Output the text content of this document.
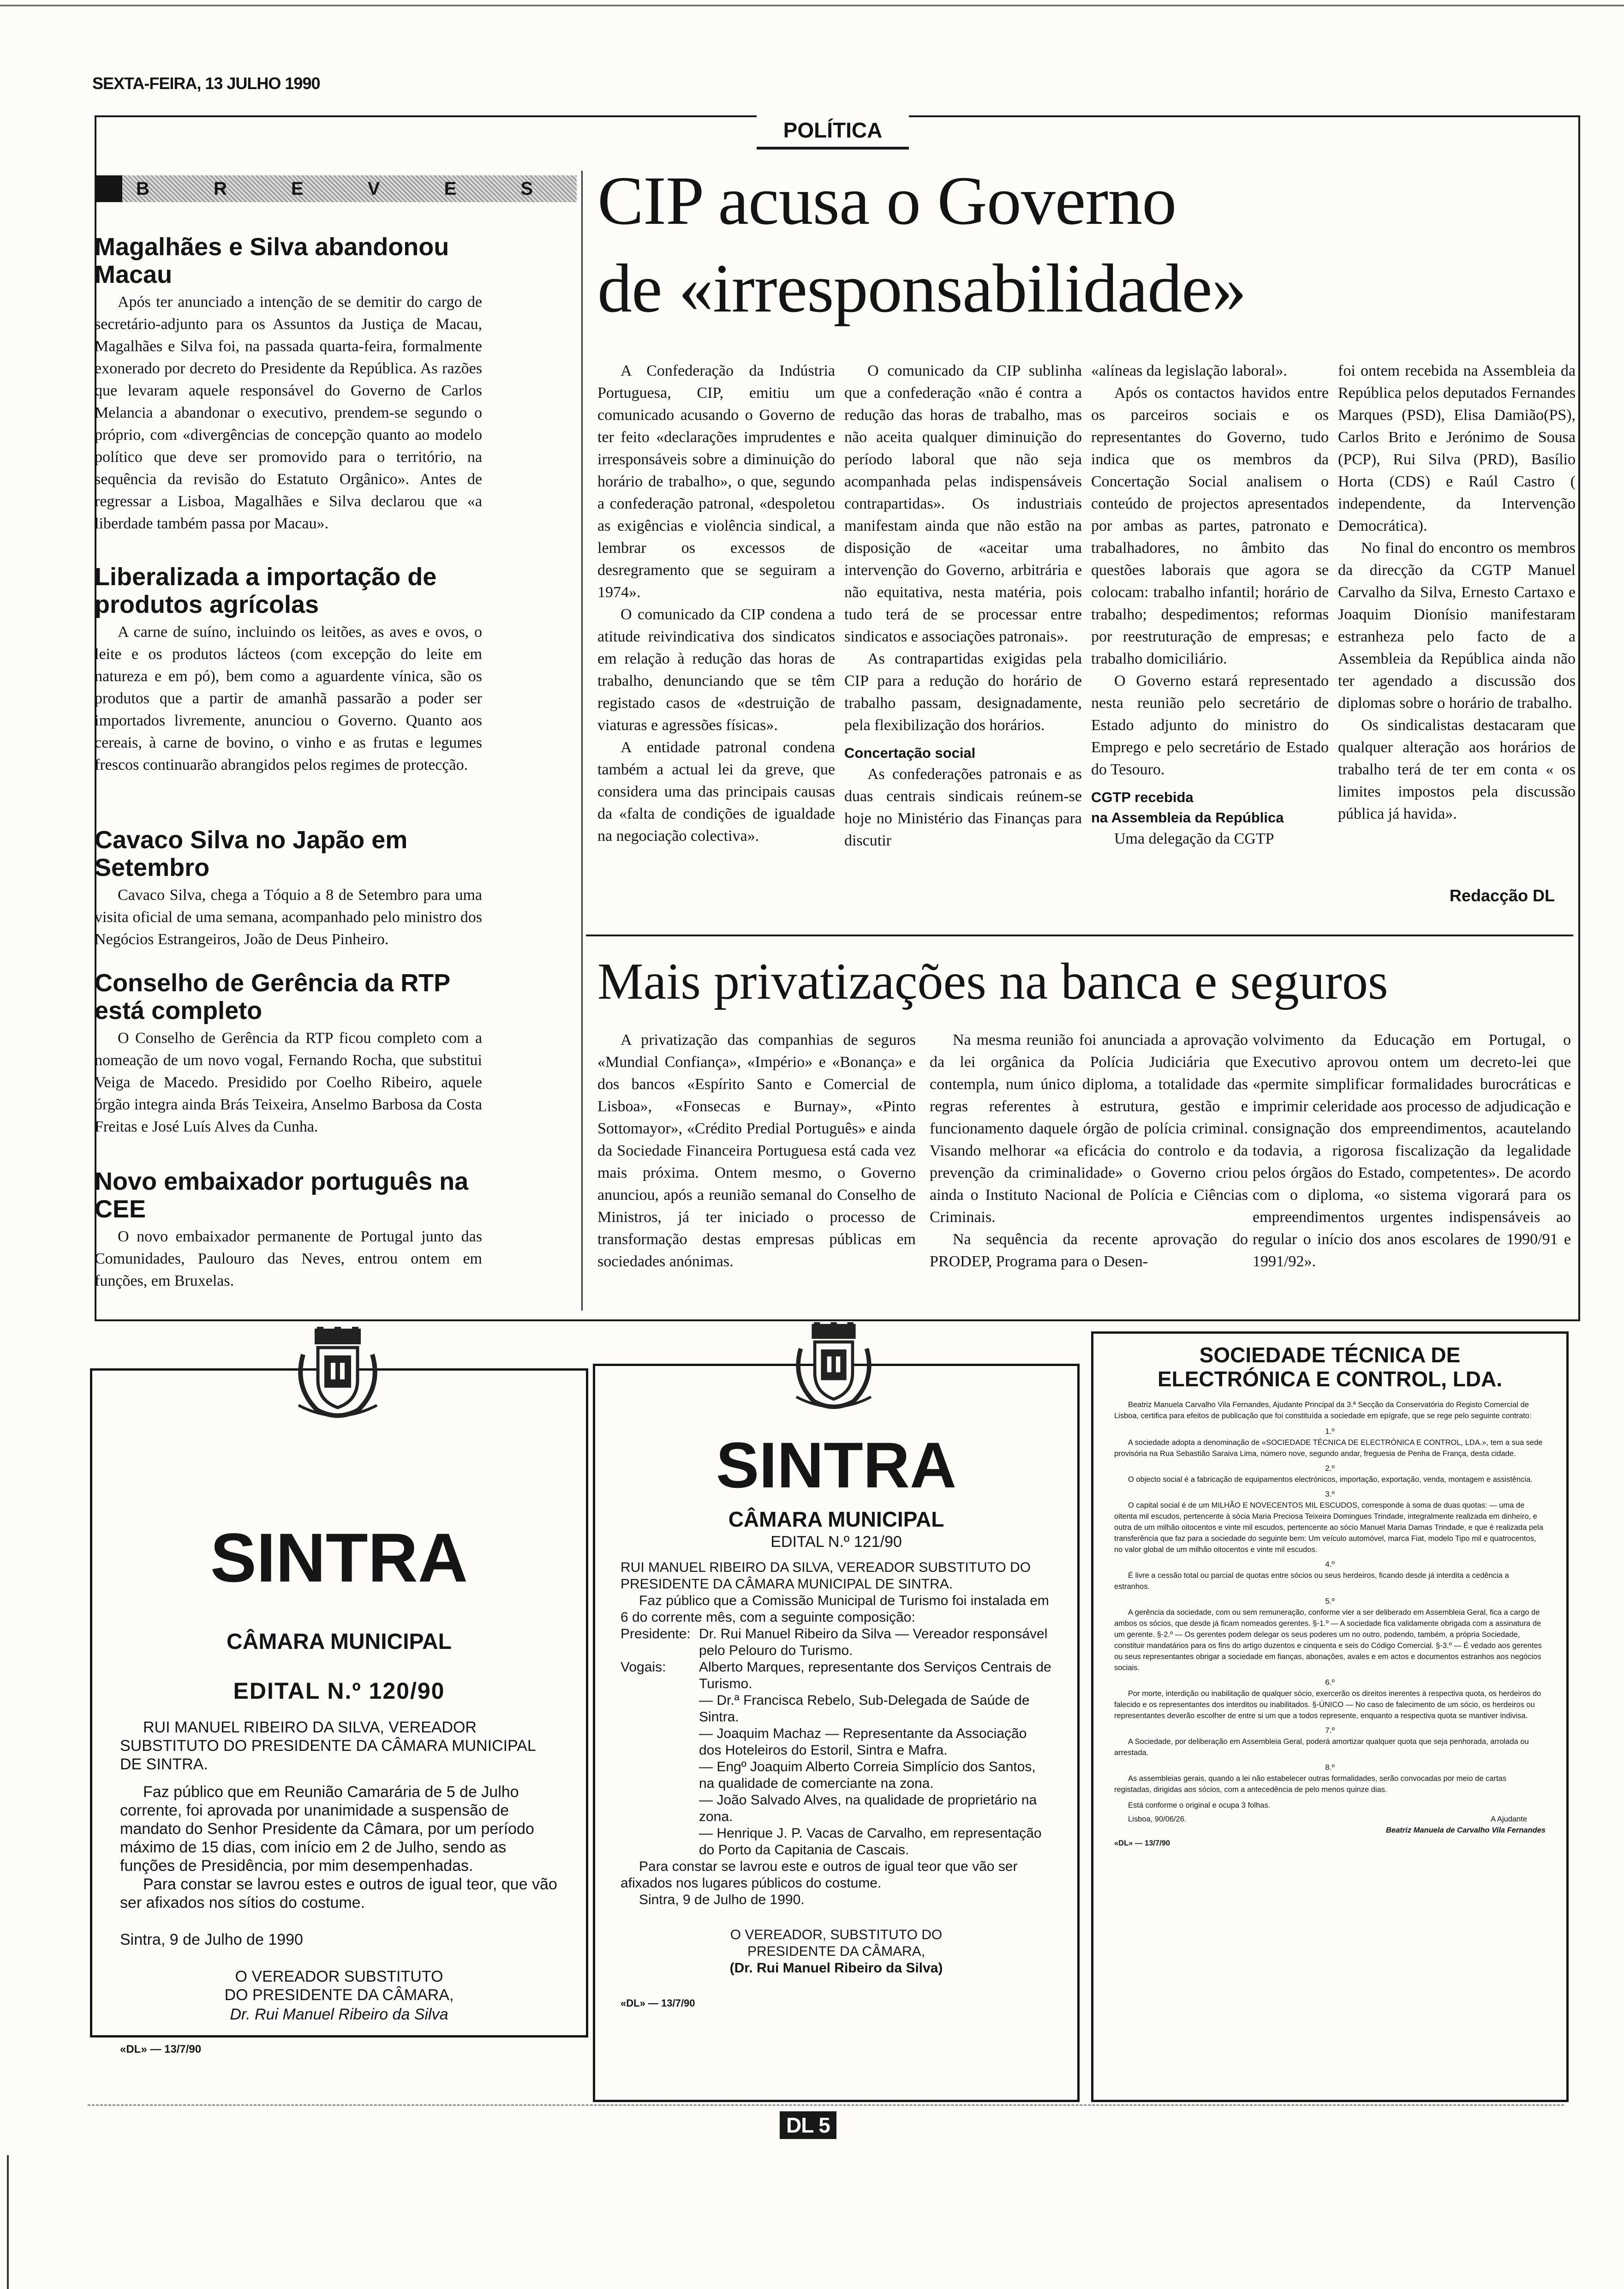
SEXTA-FEIRA, 13 JULHO 1990
POLÍTICA
B R E V E S

Magalhães e Silva abandonou Macau

Após ter anunciado a intenção de se demitir do cargo de secretário-adjunto para os Assuntos da Justiça de Macau, Magalhães e Silva foi, na passada quarta-feira, formalmente exonerado por decreto do Presidente da República. As razões que levaram aquele responsável do Governo de Carlos Melancia a abandonar o executivo, prendem-se segundo o próprio, com «divergências de concepção quanto ao modelo político que deve ser promovido para o território, na sequência da revisão do Estatuto Orgânico». Antes de regressar a Lisboa, Magalhães e Silva declarou que «a liberdade também passa por Macau».

Liberalizada a importação de produtos agrícolas

A carne de suíno, incluindo os leitões, as aves e ovos, o leite e os produtos lácteos (com excepção do leite em natureza e em pó), bem como a aguardente vínica, são os produtos que a partir de amanhã passarão a poder ser importados livremente, anunciou o Governo. Quanto aos cereais, à carne de bovino, o vinho e as frutas e legumes frescos continuarão abrangidos pelos regimes de protecção.

Cavaco Silva no Japão em Setembro

Cavaco Silva, chega a Tóquio a 8 de Setembro para uma visita oficial de uma semana, acompanhado pelo ministro dos Negócios Estrangeiros, João de Deus Pinheiro.

Conselho de Gerência da RTP está completo

O Conselho de Gerência da RTP ficou completo com a nomeação de um novo vogal, Fernando Rocha, que substitui Veiga de Macedo. Presidido por Coelho Ribeiro, aquele órgão integra ainda Brás Teixeira, Anselmo Barbosa da Costa Freitas e José Luís Alves da Cunha.

Novo embaixador português na CEE

O novo embaixador permanente de Portugal junto das Comunidades, Paulouro das Neves, entrou ontem em funções, em Bruxelas.

CIP acusa o Governo
de «irresponsabilidade»

A Confederação da Indústria Portuguesa, CIP, emitiu um comunicado acusando o Governo de ter feito «declarações imprudentes e irresponsáveis sobre a diminuição do horário de trabalho», o que, segundo a confederação patronal, «despoletou as exigências e violência sindical, a lembrar os excessos de desregramento que se seguiram a 1974».

O comunicado da CIP condena a atitude reivindicativa dos sindicatos em relação à redução das horas de trabalho, denunciando que se têm registado casos de «destruição de viaturas e agressões físicas».

A entidade patronal condena também a actual lei da greve, que considera uma das principais causas da «falta de condições de igualdade na negociação colectiva».

O comunicado da CIP sublinha que a confederação «não é contra a redução das horas de trabalho, mas não aceita qualquer diminuição do período laboral que não seja acompanhada pelas indispensáveis contrapartidas». Os industriais manifestam ainda que não estão na disposição de «aceitar uma intervenção do Governo, arbitrária e não equitativa, nesta matéria, pois tudo terá de se processar entre sindicatos e associações patronais».

As contrapartidas exigidas pela CIP para a redução do horário de trabalho passam, designadamente, pela flexibilização dos horários.

Concertação social

As confederações patronais e as duas centrais sindicais reúnem-se hoje no Ministério das Finanças para discutir

«alíneas da legislação laboral».

Após os contactos havidos entre os parceiros sociais e os representantes do Governo, tudo indica que os membros da Concertação Social analisem o conteúdo de projectos apresentados por ambas as partes, patronato e trabalhadores, no âmbito das questões laborais que agora se colocam: trabalho infantil; horário de trabalho; despedimentos; reformas por reestruturação de empresas; e trabalho domiciliário.

O Governo estará representado nesta reunião pelo secretário de Estado adjunto do ministro do Emprego e pelo secretário de Estado do Tesouro.

CGTP recebida

na Assembleia da República

Uma delegação da CGTP

foi ontem recebida na Assembleia da República pelos deputados Fernandes Marques (PSD), Elisa Damião(PS), Carlos Brito e Jerónimo de Sousa (PCP), Rui Silva (PRD), Basílio Horta (CDS) e Raúl Castro ( independente, da Intervenção Democrática).

No final do encontro os membros da direcção da CGTP Manuel Carvalho da Silva, Ernesto Cartaxo e Joaquim Dionísio manifestaram estranheza pelo facto de a Assembleia da República ainda não ter agendado a discussão dos diplomas sobre o horário de trabalho.

Os sindicalistas destacaram que qualquer alteração aos horários de trabalho terá de ter em conta « os limites impostos pela discussão pública já havida».

Redacção DL
Mais privatizações na banca e seguros

A privatização das companhias de seguros «Mundial Confiança», «Império» e «Bonança» e dos bancos «Espírito Santo e Comercial de Lisboa», «Fonsecas e Burnay», «Pinto Sottomayor», «Crédito Predial Português» e ainda da Sociedade Financeira Portuguesa está cada vez mais próxima. Ontem mesmo, o Governo anunciou, após a reunião semanal do Conselho de Ministros, já ter iniciado o processo de transformação destas empresas públicas em sociedades anónimas.

Na mesma reunião foi anunciada a aprovação da lei orgânica da Polícia Judiciária que contempla, num único diploma, a totalidade das regras referentes à estrutura, gestão e funcionamento daquele órgão de polícia criminal. Visando melhorar «a eficácia do controlo e da prevenção da criminalidade» o Governo criou ainda o Instituto Nacional de Polícia e Ciências Criminais.

Na sequência da recente aprovação do PRODEP, Programa para o Desen-

volvimento da Educação em Portugal, o Executivo aprovou ontem um decreto-lei que «permite simplificar formalidades burocráticas e imprimir celeridade aos processo de adjudicação e consignação dos empreendimentos, acautelando todavia, a rigorosa fiscalização da legalidade pelos órgãos do Estado, competentes». De acordo com o diploma, «o sistema vigorará para os empreendimentos urgentes indispensáveis ao regular o início dos anos escolares de 1990/91 e 1991/92».

SINTRA

CÂMARA MUNICIPAL

EDITAL N.º 120/90

RUI MANUEL RIBEIRO DA SILVA, VEREADOR SUBSTITUTO DO PRESIDENTE DA CÂMARA MUNICIPAL DE SINTRA.

Faz público que em Reunião Camarária de 5 de Julho corrente, foi aprovada por unanimidade a suspensão de mandato do Senhor Presidente da Câmara, por um período máximo de 15 dias, com início em 2 de Julho, sendo as funções de Presidência, por mim desempenhadas.

Para constar se lavrou estes e outros de igual teor, que vão ser afixados nos sítios do costume.

Sintra, 9 de Julho de 1990

O VEREADOR SUBSTITUTO

DO PRESIDENTE DA CÂMARA,

Dr. Rui Manuel Ribeiro da Silva

«DL» — 13/7/90

SINTRA

CÂMARA MUNICIPAL

EDITAL N.º 121/90

RUI MANUEL RIBEIRO DA SILVA, VEREADOR SUBSTITUTO DO PRESIDENTE DA CÂMARA MUNICIPAL DE SINTRA.

Faz público que a Comissão Municipal de Turismo foi instalada em 6 do corrente mês, com a seguinte composição:

Presidente: Dr. Rui Manuel Ribeiro da Silva — Vereador responsável pelo Pelouro do Turismo.
Vogais:	Alberto Marques, representante dos Serviços Centrais de Turismo.

— Dr.ª Francisca Rebelo, Sub-Delegada de Saúde de Sintra.

— Joaquim Machaz — Representante da Associação dos Hoteleiros do Estoril, Sintra e Mafra.

— Engº Joaquim Alberto Correia Simplício dos Santos, na qualidade de comerciante na zona.

— João Salvado Alves, na qualidade de proprietário na zona.

— Henrique J. P. Vacas de Carvalho, em representação do Porto da Capitania de Cascais.

Para constar se lavrou este e outros de igual teor que vão ser afixados nos lugares públicos do costume.

Sintra, 9 de Julho de 1990.

O VEREADOR, SUBSTITUTO DO

PRESIDENTE DA CÂMARA,

(Dr. Rui Manuel Ribeiro da Silva)

«DL» — 13/7/90

SOCIEDADE TÉCNICA DE

ELECTRÓNICA E CONTROL, LDA.

Beatriz Manuela Carvalho Vila Fernandes, Ajudante Principal da 3.ª Secção da Conservatória do Registo Comercial de Lisboa, certifica para efeitos de publicação que foi constituída a sociedade em epígrafe, que se rege pelo seguinte contrato:

1.º

A sociedade adopta a denominação de «SOCIEDADE TÉCNICA DE ELECTRÓNICA E CONTROL, LDA.», tem a sua sede provisória na Rua Sebastião Saraiva Lima, número nove, segundo andar, freguesia de Penha de França, desta cidade.

2.º

O objecto social é a fabricação de equipamentos electrónicos, importação, exportação, venda, montagem e assistência.

3.º

O capital social é de um MILHÃO E NOVECENTOS MIL ESCUDOS, corresponde à soma de duas quotas: — uma de oitenta mil escudos, pertencente à sócia Maria Preciosa Teixeira Domingues Trindade, integralmente realizada em dinheiro, e outra de um milhão oitocentos e vinte mil escudos, pertencente ao sócio Manuel Maria Damas Trindade, e que é realizada pela transferência que faz para a sociedade do seguinte bem: Um veículo automóvel, marca Fiat, modelo Tipo mil e quatrocentos, no valor global de um milhão oitocentos e vinte mil escudos.

4.º

É livre a cessão total ou parcial de quotas entre sócios ou seus herdeiros, ficando desde já interdita a cedência a estranhos.

5.º

A gerência da sociedade, com ou sem remuneração, conforme vier a ser deliberado em Assembleia Geral, fica a cargo de ambos os sócios, que desde já ficam nomeados gerentes. §-1.º — A sociedade fica validamente obrigada com a assinatura de um gerente. §-2.º — Os gerentes podem delegar os seus poderes um no outro, podendo, também, a própria Sociedade, constituir mandatários para os fins do artigo duzentos e cinquenta e seis do Código Comercial. §-3.º — É vedado aos gerentes ou seus representantes obrigar a sociedade em fianças, abonações, avales e em actos e documentos estranhos aos negócios sociais.

6.º

Por morte, interdição ou inabilitação de qualquer sócio, exercerão os direitos inerentes à respectiva quota, os herdeiros do falecido e os representantes dos interditos ou inabilitados. §-ÚNICO — No caso de falecimento de um sócio, os herdeiros ou representantes deverão escolher de entre si um que a todos represente, enquanto a respectiva quota se mantiver indivisa.

7.º

A Sociedade, por deliberação em Assembleia Geral, poderá amortizar qualquer quota que seja penhorada, arrolada ou arrestada.

8.º

As assembleias gerais, quando a lei não estabelecer outras formalidades, serão convocadas por meio de cartas registadas, dirigidas aos sócios, com a antecedência de pelo menos quinze dias.

Está conforme o original e ocupa 3 folhas.

Lisboa, 90/06/26.	A Ajudante

Beatriz Manuela de Carvalho Vila Fernandes

«DL» — 13/7/90

DL 5
